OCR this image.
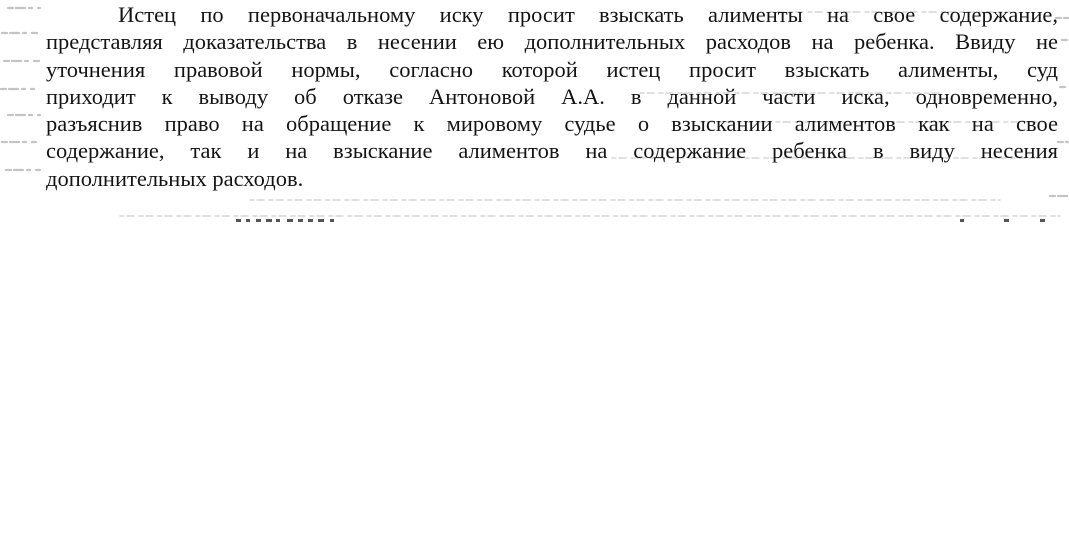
Истец по первоначальному иску просит взыскать алименты на свое содержание,
представляя доказательства в несении ею дополнительных расходов на ребенка. Ввиду не
уточнения правовой нормы, согласно которой истец просит взыскать алименты, суд
приходит к выводу об отказе Антоновой А.А. в данной части иска, одновременно,
разъяснив право на обращение к мировому судье о взыскании алиментов как на свое
содержание, так и на взыскание алиментов на содержание ребенка в виду несения
дополнительных расходов.
